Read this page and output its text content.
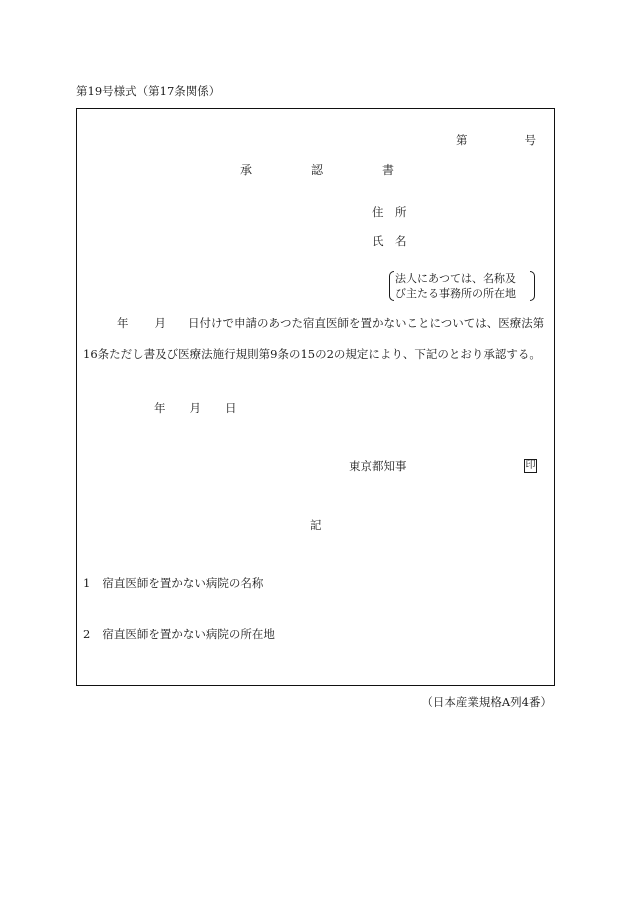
第19号様式（第17条関係）
第	号
承	認	書
住　所
氏　名
法人にあつては、名称及
び主たる事務所の所在地
年 月 日付けで申請のあつた宿直医師を置かないことについては、医療法第
16条ただし書及び医療法施行規則第9条の15の2の規定により、下記のとおり承認する。
年 月 日
東京都知事	印
記
1 宿直医師を置かない病院の名称
2 宿直医師を置かない病院の所在地
（日本産業規格A列4番）
